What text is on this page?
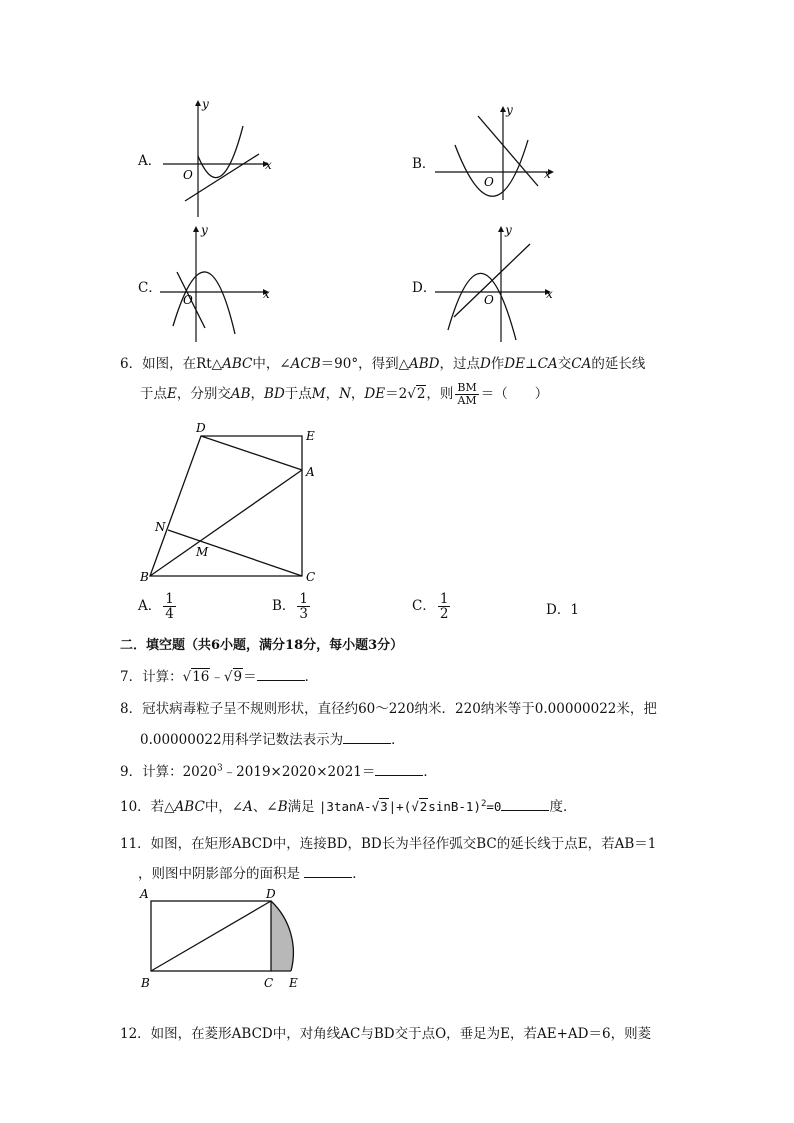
A．	x
y
O
B．
x
y
O
C．	x
y
O
D．	x
y
O
6．如图，在Rt△ABC中，∠ACB＝90°，得到△ABD，过点D作DE⊥CA交CA的延长线
于点E，分别交AB，BD于点M，N，DE＝2√2，则 $\frac{BM}{AM}$ ＝（　　）
D
E
A
N
M
B	C
A． $\frac{1}{4}$	B． $\frac{1}{3}$	C． $\frac{1}{2}$	D．1
二．填空题（共6小题，满分18分，每小题3分）
7．计算：√16﹣√9＝	．
8．冠状病毒粒子呈不规则形状，直径约60～220纳米．220纳米等于0.00000022米，把
0.00000022用科学记数法表示为	．
9．计算：$2020^3﹣2019\times 2020\times 2021=$	．
10．若△ABC中，∠A、∠B满足 $|3\tan A-√3|+(√2\sin B-1)^2=0$	度．
11．如图，在矩形ABCD中，连接BD，BD长为半径作弧交BC的延长线于点E，若AB＝1
，则图中阴影部分的面积是	．
A	D
B	C E
12．如图，在菱形ABCD中，对角线AC与BD交于点O，垂足为E，若AE+AD＝6，则菱
